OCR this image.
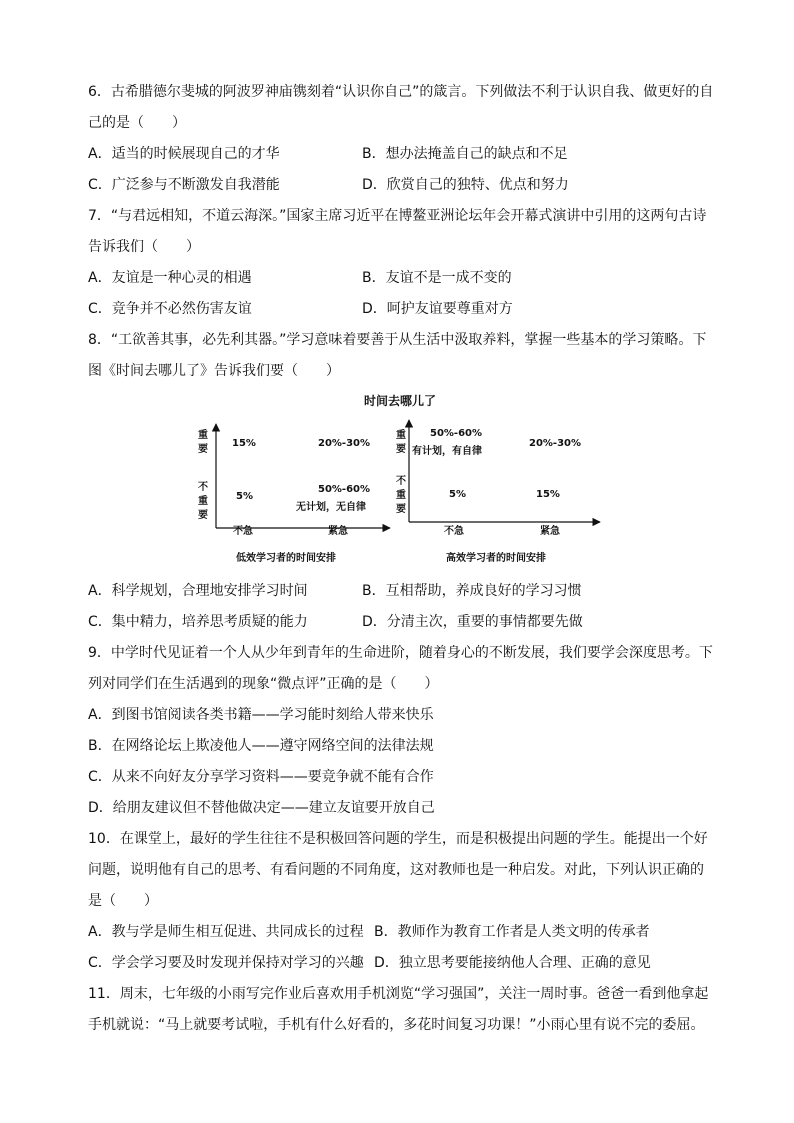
6．古希腊德尔斐城的阿波罗神庙镌刻着“认识你自己”的箴言。下列做法不利于认识自我、做更好的自
己的是（　　）
A．适当的时候展现自己的才华	B．想办法掩盖自己的缺点和不足
C．广泛参与不断激发自我潜能	D．欣赏自己的独特、优点和努力
7．“与君远相知，不道云海深。”国家主席习近平在博鳌亚洲论坛年会开幕式演讲中引用的这两句古诗
告诉我们（　　）
A．友谊是一种心灵的相遇	B．友谊不是一成不变的
C．竞争并不必然伤害友谊	D．呵护友谊要尊重对方
8．“工欲善其事，必先利其器。”学习意味着要善于从生活中汲取养料，掌握一些基本的学习策略。下
图《时间去哪儿了》告诉我们要（　　）
时间去哪儿了
重
要
不
重
要
15%	20%-30%
5%
50%-60%
无计划，无自律
不急	紧急
低效学习者的时间安排
重
要
不
重
要
50%-60%
有计划，有自律
20%-30%
5%	15%
不急	紧急
高效学习者的时间安排
A．科学规划，合理地安排学习时间	B．互相帮助，养成良好的学习习惯
C．集中精力，培养思考质疑的能力	D．分清主次，重要的事情都要先做
9．中学时代见证着一个人从少年到青年的生命进阶，随着身心的不断发展，我们要学会深度思考。下
列对同学们在生活遇到的现象“微点评”正确的是（　　）
A．到图书馆阅读各类书籍——学习能时刻给人带来快乐
B．在网络论坛上欺凌他人——遵守网络空间的法律法规
C．从来不向好友分享学习资料——要竞争就不能有合作
D．给朋友建议但不替他做决定——建立友谊要开放自己
10．在课堂上，最好的学生往往不是积极回答问题的学生，而是积极提出问题的学生。能提出一个好
问题，说明他有自己的思考、有看问题的不同角度，这对教师也是一种启发。对此，下列认识正确的
是（　　）
A．教与学是师生相互促进、共同成长的过程 B．教师作为教育工作者是人类文明的传承者
C．学会学习要及时发现并保持对学习的兴趣 D．独立思考要能接纳他人合理、正确的意见
11．周末，七年级的小雨写完作业后喜欢用手机浏览“学习强国”，关注一周时事。爸爸一看到他拿起
手机就说：“马上就要考试啦，手机有什么好看的，多花时间复习功课！”小雨心里有说不完的委屈。
